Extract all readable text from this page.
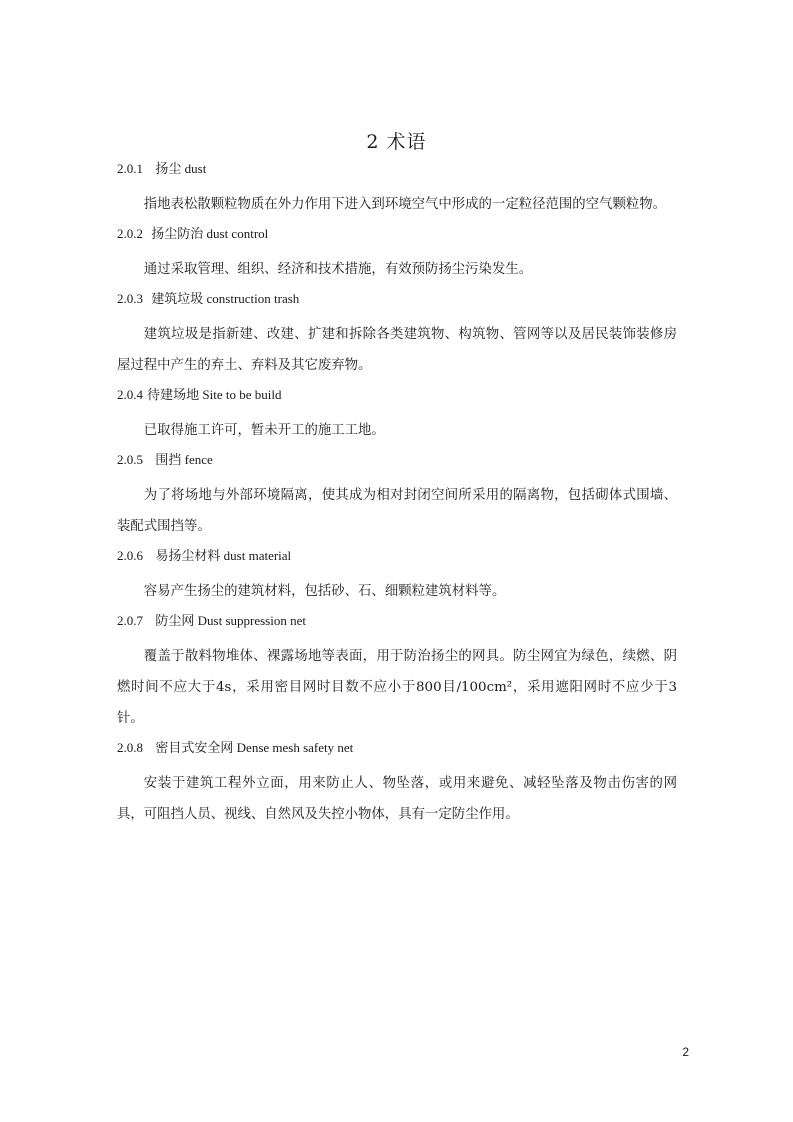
2 术语
2.0.1 扬尘 dust

指地表松散颗粒物质在外力作用下进入到环境空气中形成的一定粒径范围的空气颗粒物。

2.0.2 扬尘防治 dust control

通过采取管理、组织、经济和技术措施，有效预防扬尘污染发生。

2.0.3 建筑垃圾 construction trash

建筑垃圾是指新建、改建、扩建和拆除各类建筑物、构筑物、管网等以及居民装饰装修房屋过程中产生的弃土、弃料及其它废弃物。

2.0.4 待建场地 Site to be build

已取得施工许可，暂未开工的施工工地。

2.0.5 围挡 fence

为了将场地与外部环境隔离，使其成为相对封闭空间所采用的隔离物，包括砌体式围墙、装配式围挡等。

2.0.6 易扬尘材料 dust material

容易产生扬尘的建筑材料，包括砂、石、细颗粒建筑材料等。

2.0.7 防尘网 Dust suppression net

覆盖于散料物堆体、裸露场地等表面，用于防治扬尘的网具。防尘网宜为绿色，续燃、阴燃时间不应大于4s，采用密目网时目数不应小于800目/100cm²，采用遮阳网时不应少于3针。

2.0.8 密目式安全网 Dense mesh safety net

安装于建筑工程外立面，用来防止人、物坠落，或用来避免、减轻坠落及物击伤害的网具，可阻挡人员、视线、自然风及失控小物体，具有一定防尘作用。

2
